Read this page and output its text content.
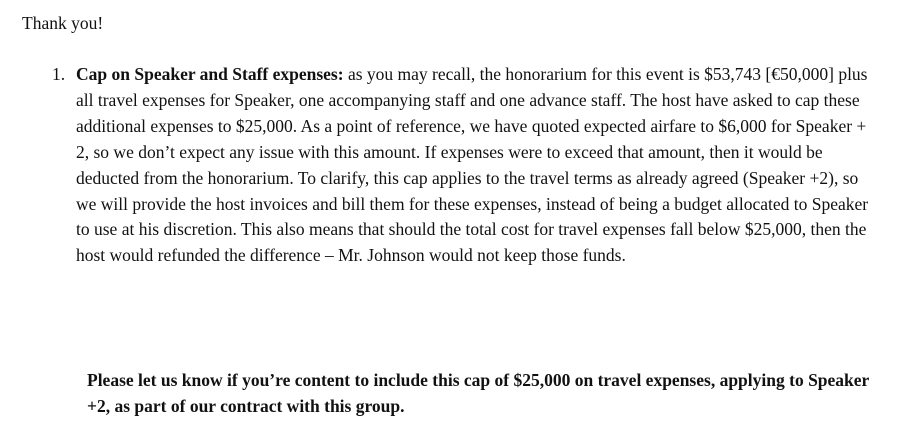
Thank you!

1. Cap on Speaker and Staff expenses: as you may recall, the honorarium for this event is $53,743 [€50,000] plus all travel expenses for Speaker, one accompanying staff and one advance staff. The host have asked to cap these additional expenses to $25,000. As a point of reference, we have quoted expected airfare to $6,000 for Speaker + 2, so we don’t expect any issue with this amount. If expenses were to exceed that amount, then it would be deducted from the honorarium. To clarify, this cap applies to the travel terms as already agreed (Speaker +2), so we will provide the host invoices and bill them for these expenses, instead of being a budget allocated to Speaker to use at his discretion. This also means that should the total cost for travel expenses fall below $25,000, then the host would refunded the difference – Mr. Johnson would not keep those funds.

Please let us know if you’re content to include this cap of $25,000 on travel expenses, applying to Speaker +2, as part of our contract with this group.
